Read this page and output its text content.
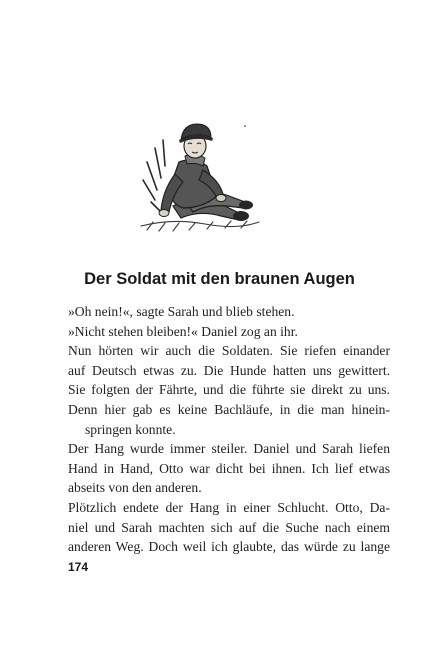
Der Soldat mit den braunen Augen
»Oh nein!«, sagte Sarah und blieb stehen.
»Nicht stehen bleiben!« Daniel zog an ihr.
Nun hörten wir auch die Soldaten. Sie riefen einander
auf Deutsch etwas zu. Die Hunde hatten uns gewittert.
Sie folgten der Fährte, und die führte sie direkt zu uns.
Denn hier gab es keine Bachläufe, in die man hinein-
springen konnte.
Der Hang wurde immer steiler. Daniel und Sarah liefen
Hand in Hand, Otto war dicht bei ihnen. Ich lief etwas
abseits von den anderen.
Plötzlich endete der Hang in einer Schlucht. Otto, Da-
niel und Sarah machten sich auf die Suche nach einem
anderen Weg. Doch weil ich glaubte, das würde zu lange
174
